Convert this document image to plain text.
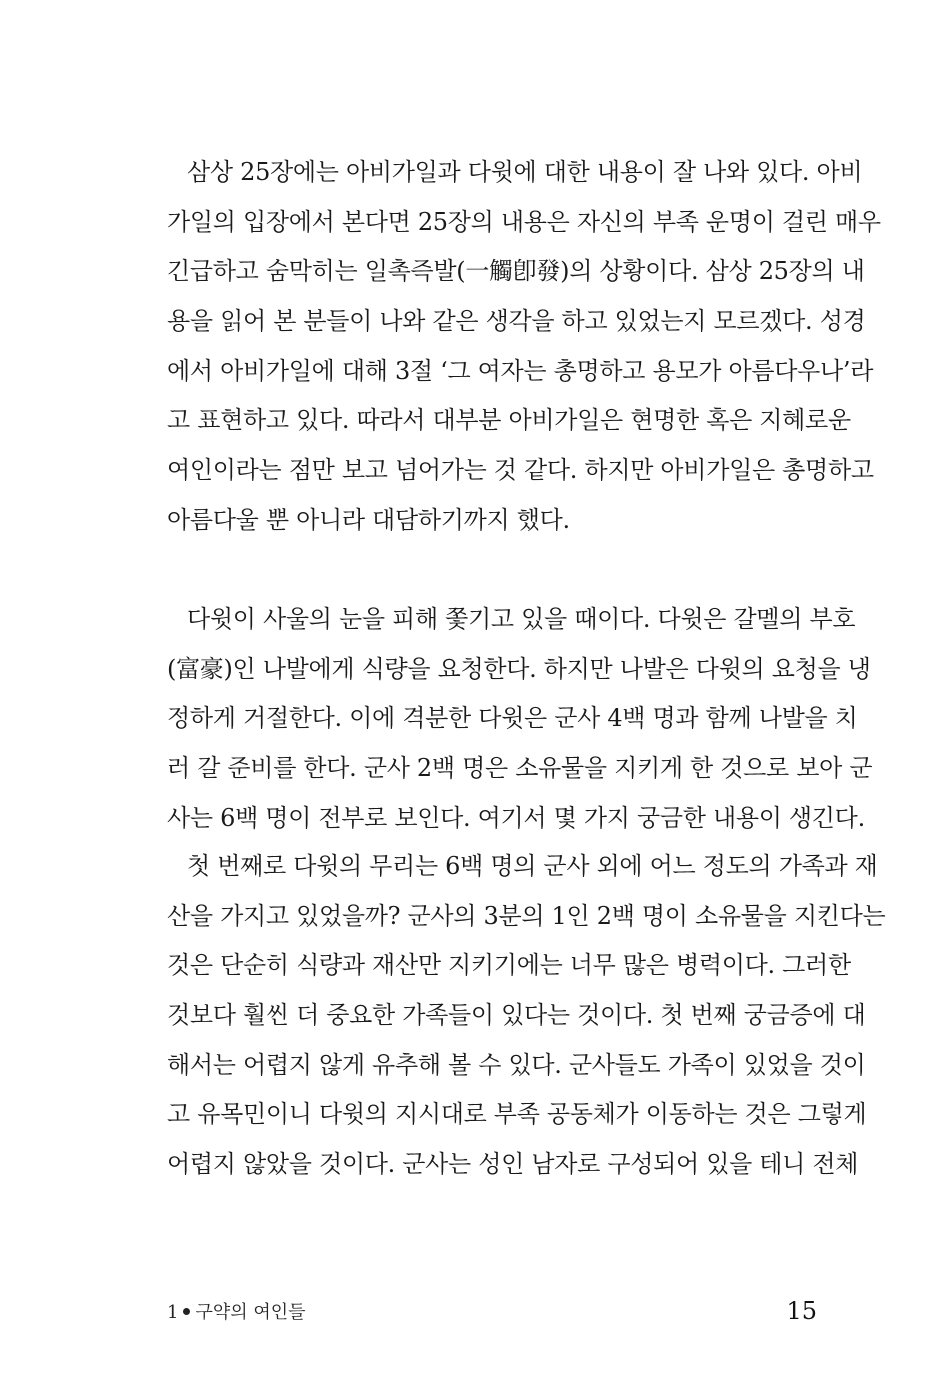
삼상 25장에는 아비가일과 다윗에 대한 내용이 잘 나와 있다. 아비
가일의 입장에서 본다면 25장의 내용은 자신의 부족 운명이 걸린 매우
긴급하고 숨막히는 일촉즉발(一觸卽發)의 상황이다. 삼상 25장의 내
용을 읽어 본 분들이 나와 같은 생각을 하고 있었는지 모르겠다. 성경
에서 아비가일에 대해 3절 ‘그 여자는 총명하고 용모가 아름다우나’라
고 표현하고 있다. 따라서 대부분 아비가일은 현명한 혹은 지혜로운
여인이라는 점만 보고 넘어가는 것 같다. 하지만 아비가일은 총명하고
아름다울 뿐 아니라 대담하기까지 했다.
다윗이 사울의 눈을 피해 쫓기고 있을 때이다. 다윗은 갈멜의 부호
(富豪)인 나발에게 식량을 요청한다. 하지만 나발은 다윗의 요청을 냉
정하게 거절한다. 이에 격분한 다윗은 군사 4백 명과 함께 나발을 치
러 갈 준비를 한다. 군사 2백 명은 소유물을 지키게 한 것으로 보아 군
사는 6백 명이 전부로 보인다. 여기서 몇 가지 궁금한 내용이 생긴다.
첫 번째로 다윗의 무리는 6백 명의 군사 외에 어느 정도의 가족과 재
산을 가지고 있었을까? 군사의 3분의 1인 2백 명이 소유물을 지킨다는
것은 단순히 식량과 재산만 지키기에는 너무 많은 병력이다. 그러한
것보다 훨씬 더 중요한 가족들이 있다는 것이다. 첫 번째 궁금증에 대
해서는 어렵지 않게 유추해 볼 수 있다. 군사들도 가족이 있었을 것이
고 유목민이니 다윗의 지시대로 부족 공동체가 이동하는 것은 그렇게
어렵지 않았을 것이다. 군사는 성인 남자로 구성되어 있을 테니 전체
1 구약의 여인들	15
